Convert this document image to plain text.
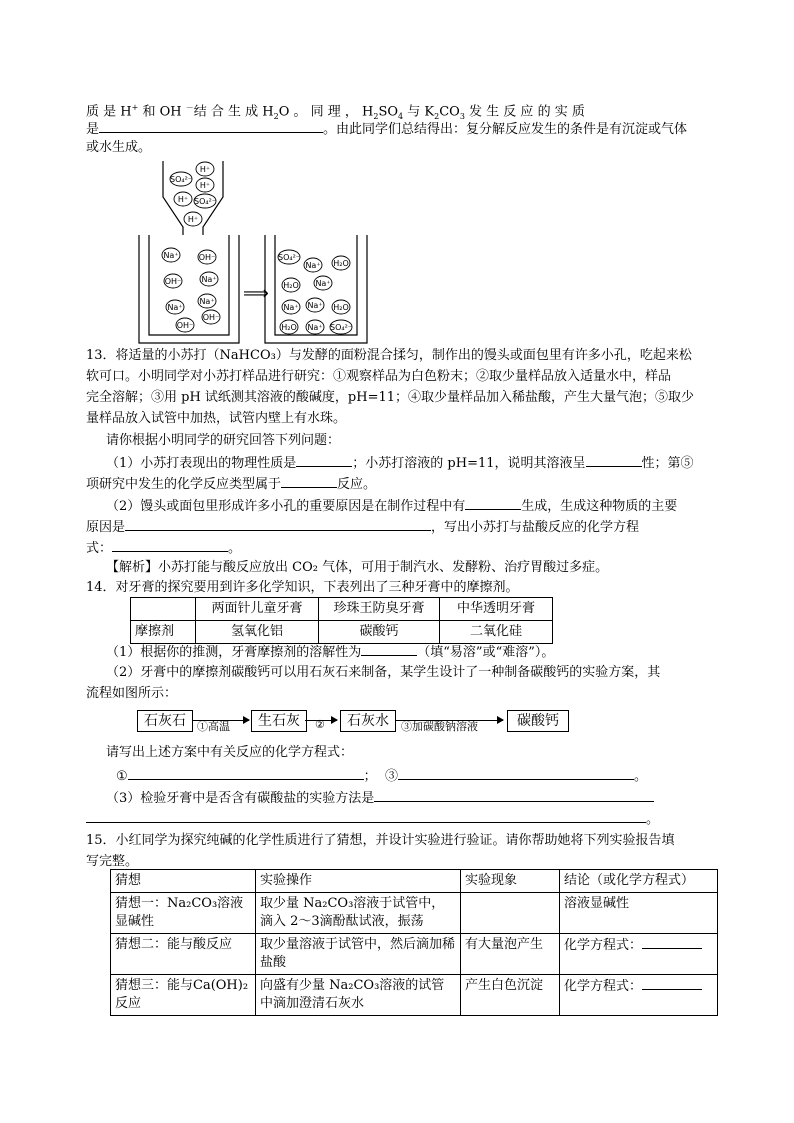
质 是 H+ 和 OH －结 合 生 成 $H_2O$ 。 同 理 ， $H_2SO_4$ 与 $K_2CO_3$ 发 生 反 应 的 实 质
是	。由此同学们总结得出：复分解反应发生的条件是有沉淀或气体
或水生成。
SO₄²⁻
H⁺
H⁺
H⁺ SO₄²⁻
H⁺
Na⁺	OH⁻
OH⁻	Na⁺
Na⁺
Na⁺
OH⁻
OH⁻
⟹
SO₄²⁻
Na⁺ H₂O
H₂O Na⁺
Na⁺ Na⁺ H₂O
H₂O Na⁺ SO₄²⁻
13．将适量的小苏打（NaHCO₃）与发酵的面粉混合揉匀，制作出的馒头或面包里有许多小孔，吃起来松
软可口。小明同学对小苏打样品进行研究：①观察样品为白色粉末；②取少量样品放入适量水中，样品
完全溶解；③用 pH 试纸测其溶液的酸碱度，pH=11；④取少量样品加入稀盐酸，产生大量气泡；⑤取少
量样品放入试管中加热，试管内壁上有水珠。
请你根据小明同学的研究回答下列问题：
（1）小苏打表现出的物理性质是	；小苏打溶液的 pH=11，说明其溶液呈	性；第⑤
项研究中发生的化学反应类型属于	反应。
（2）馒头或面包里形成许多小孔的重要原因是在制作过程中有	生成，生成这种物质的主要
原因是	，写出小苏打与盐酸反应的化学方程
式：	。
【解析】小苏打能与酸反应放出 CO₂ 气体，可用于制汽水、发酵粉、治疗胃酸过多症。
14．对牙膏的探究要用到许多化学知识，下表列出了三种牙膏中的摩擦剂。
	两面针儿童牙膏	珍珠王防臭牙膏	中华透明牙膏
摩擦剂	氢氧化铝	碳酸钙	二氧化硅
（1）根据你的推测，牙膏摩擦剂的溶解性为	（填“易溶”或“难溶”）。
（2）牙膏中的摩擦剂碳酸钙可以用石灰石来制备，某学生设计了一种制备碳酸钙的实验方案，其
流程如图所示：
石灰石	①高温	生石灰	②	石灰水	③加碳酸钠溶液	碳酸钙
请写出上述方案中有关反应的化学方程式：
①	； ③	。
（3）检验牙膏中是否含有碳酸盐的实验方法是
。
15．小红同学为探究纯碱的化学性质进行了猜想，并设计实验进行验证。请你帮助她将下列实验报告填
写完整。
猜想	实验操作	实验现象	结论（或化学方程式）
猜想一：Na₂CO₃溶液显碱性	取少量 Na₂CO₃溶液于试管中，滴入 2～3滴酚酞试液，振荡		溶液显碱性
猜想二：能与酸反应	取少量溶液于试管中，然后滴加稀盐酸	有大量泡产生	化学方程式：
猜想三：能与Ca(OH)₂反应	向盛有少量 Na₂CO₃溶液的试管中滴加澄清石灰水	产生白色沉淀	化学方程式：
